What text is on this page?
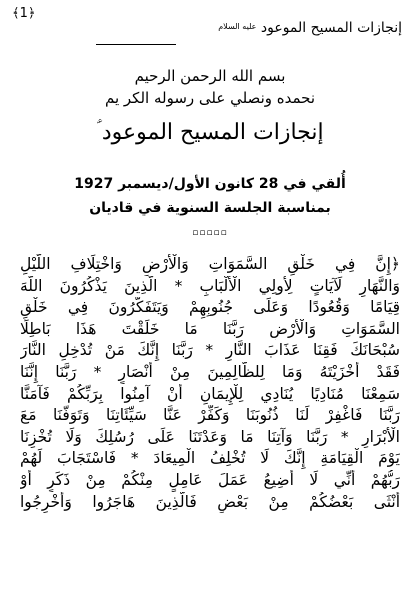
﴾1﴿
إنجازات المسيح الموعود $^{عليه السلام}$
بسم الله الرحمن الرحيم
نحمده ونصلي على رسوله الكر يم
إنجازات المسيح الموعود ؑ
أُلقي في 28 كانون الأول/ديسمبر 1927
بمناسبة الجلسة السنوية في قاديان
▫▫▫▫▫
﴿إِنَّ فِي خَلْقِ السَّمَوَاتِ وَالْأَرْضِ وَاخْتِلَافِ اللَّيْلِ
وَالنَّهَارِ لَآيَاتٍ لِأُولِي الْأَلْبَابِ * الَّذِينَ يَذْكُرُونَ اللَّهَ
قِيَامًا وَقُعُودًا وَعَلَى جُنُوبِهِمْ وَيَتَفَكَّرُونَ فِي خَلْقِ
السَّمَوَاتِ وَالْأَرْضِ رَبَّنَا مَا خَلَقْتَ هَذَا بَاطِلًا
سُبْحَانَكَ فَقِنَا عَذَابَ النَّارِ * رَبَّنَا إِنَّكَ مَنْ تُدْخِلِ النَّارَ
فَقَدْ أَخْزَيْتَهُ وَمَا لِلظَّالِمِينَ مِنْ أَنْصَارٍ * رَبَّنَا إِنَّنَا
سَمِعْنَا مُنَادِيًا يُنَادِي لِلْإِيمَانِ أَنْ آمِنُوا بِرَبِّكُمْ فَآمَنَّا
رَبَّنَا فَاغْفِرْ لَنَا ذُنُوبَنَا وَكَفِّرْ عَنَّا سَيِّئَاتِنَا وَتَوَفَّنَا مَعَ
الْأَبْرَارِ * رَبَّنَا وَآتِنَا مَا وَعَدْتَنَا عَلَى رُسُلِكَ وَلَا تُخْزِنَا
يَوْمَ الْقِيَامَةِ إِنَّكَ لَا تُخْلِفُ الْمِيعَادَ * فَاسْتَجَابَ لَهُمْ
رَبُّهُمْ أَنِّي لَا أُضِيعُ عَمَلَ عَامِلٍ مِنْكُمْ مِنْ ذَكَرٍ أَوْ
أُنْثَى بَعْضُكُمْ مِنْ بَعْضٍ فَالَّذِينَ هَاجَرُوا وَأُخْرِجُوا
